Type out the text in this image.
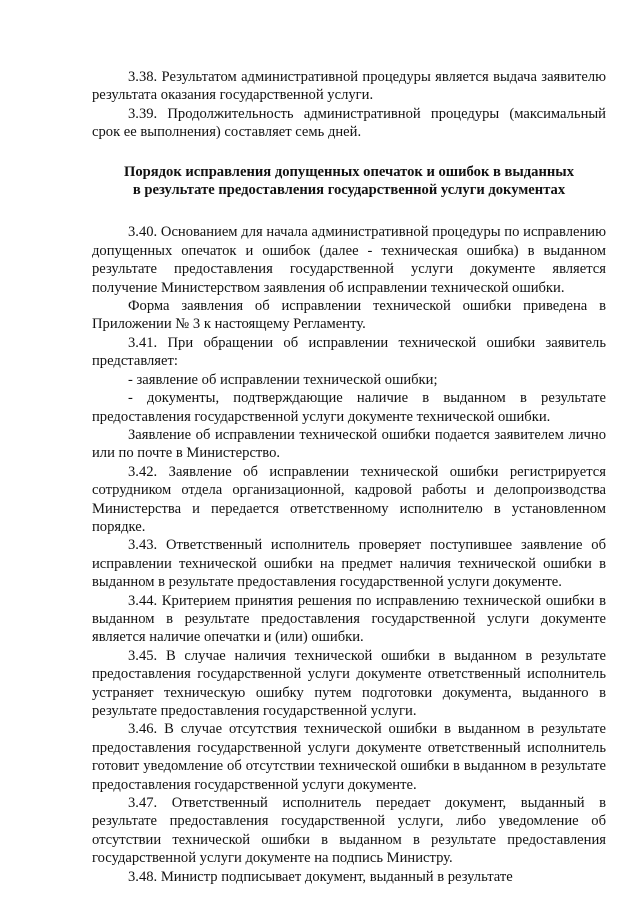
3.38. Результатом административной процедуры является выдача заявителю результата оказания государственной услуги.

3.39. Продолжительность административной процедуры (максимальный срок ее выполнения) составляет семь дней.

Порядок исправления допущенных опечаток и ошибок в выданных
в результате предоставления государственной услуги документах

3.40. Основанием для начала административной процедуры по исправлению допущенных опечаток и ошибок (далее - техническая ошибка) в выданном результате предоставления государственной услуги документе является получение Министерством заявления об исправлении технической ошибки.

Форма заявления об исправлении технической ошибки приведена в Приложении № 3 к настоящему Регламенту.

3.41. При обращении об исправлении технической ошибки заявитель представляет:

- заявление об исправлении технической ошибки;

- документы, подтверждающие наличие в выданном в результате предоставления государственной услуги документе технической ошибки.

Заявление об исправлении технической ошибки подается заявителем лично или по почте в Министерство.

3.42. Заявление об исправлении технической ошибки регистрируется сотрудником отдела организационной, кадровой работы и делопроизводства Министерства и передается ответственному исполнителю в установленном порядке.

3.43. Ответственный исполнитель проверяет поступившее заявление об исправлении технической ошибки на предмет наличия технической ошибки в выданном в результате предоставления государственной услуги документе.

3.44. Критерием принятия решения по исправлению технической ошибки в выданном в результате предоставления государственной услуги документе является наличие опечатки и (или) ошибки.

3.45. В случае наличия технической ошибки в выданном в результате предоставления государственной услуги документе ответственный исполнитель устраняет техническую ошибку путем подготовки документа, выданного в результате предоставления государственной услуги.

3.46. В случае отсутствия технической ошибки в выданном в результате предоставления государственной услуги документе ответственный исполнитель готовит уведомление об отсутствии технической ошибки в выданном в результате предоставления государственной услуги документе.

3.47. Ответственный исполнитель передает документ, выданный в результате предоставления государственной услуги, либо уведомление об отсутствии технической ошибки в выданном в результате предоставления государственной услуги документе на подпись Министру.

3.48. Министр подписывает документ, выданный в результате
